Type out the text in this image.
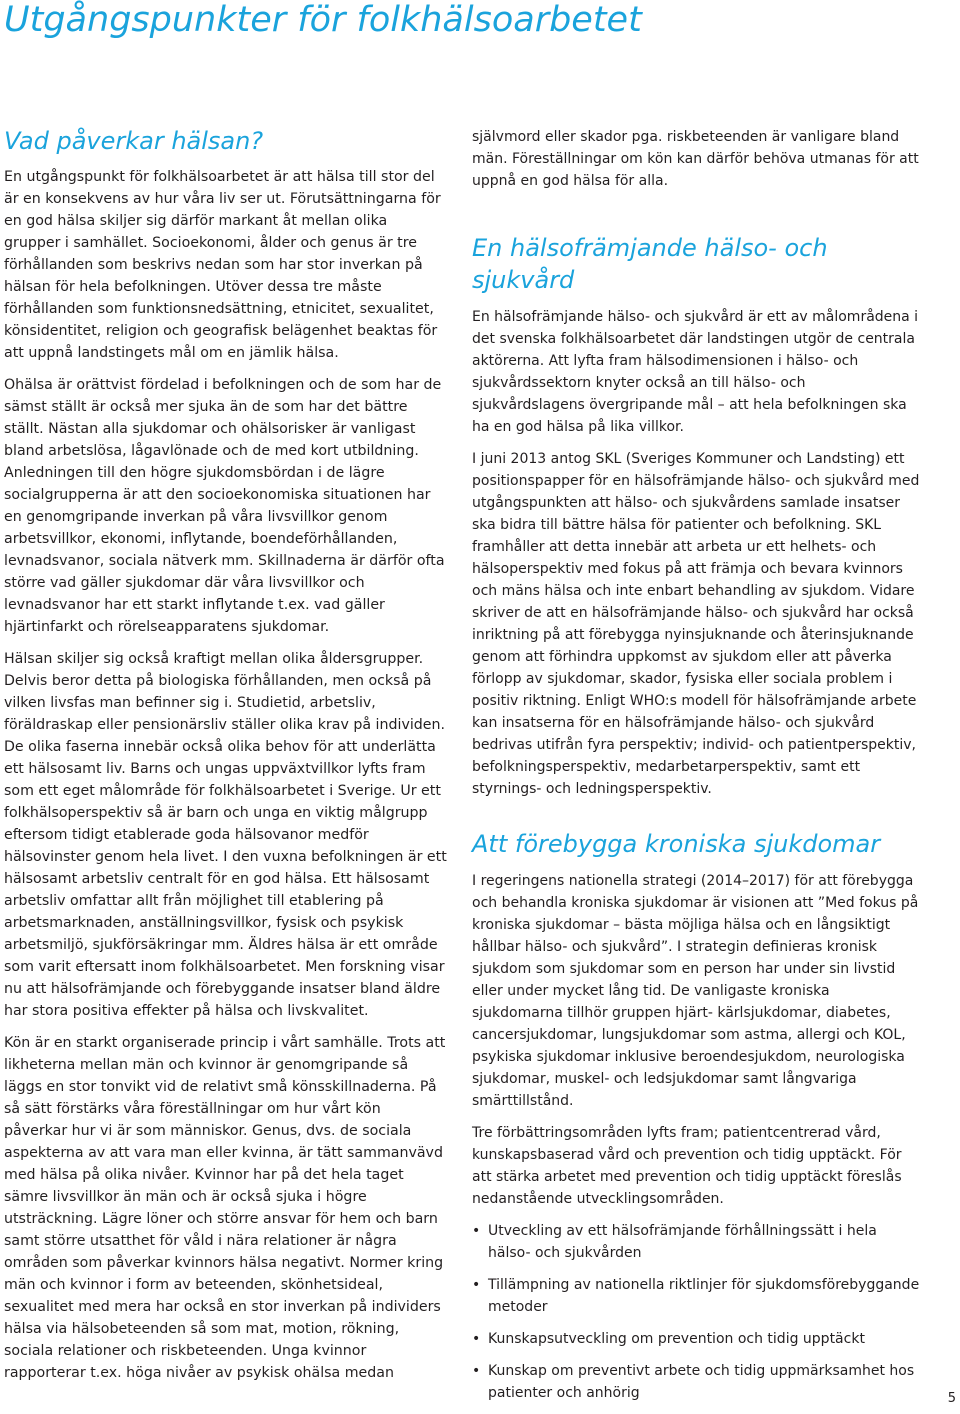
Utgångspunkter för folkhälsoarbetet
Vad påverkar hälsan?

En utgångspunkt för folkhälsoarbetet är att hälsa till stor del är en konsekvens av hur våra liv ser ut. Förutsättningarna för en god hälsa skiljer sig därför markant åt mellan olika grupper i samhället. Socioekonomi, ålder och genus är tre förhållanden som beskrivs nedan som har stor inverkan på hälsan för hela befolkningen. Utöver dessa tre måste förhållanden som funktionsnedsättning, etnicitet, sexualitet, könsidentitet, religion och geografisk belägenhet beaktas för att uppnå landstingets mål om en jämlik hälsa.

Ohälsa är orättvist fördelad i befolkningen och de som har de sämst ställt är också mer sjuka än de som har det bättre ställt. Nästan alla sjukdomar och ohälsorisker är vanligast bland arbetslösa, lågavlönade och de med kort utbildning. Anledningen till den högre sjukdomsbördan i de lägre socialgrupperna är att den socioekonomiska situationen har en genomgripande inverkan på våra livsvillkor genom arbetsvillkor, ekonomi, inflytande, boendeförhållanden, levnadsvanor, sociala nätverk mm. Skillnaderna är därför ofta större vad gäller sjukdomar där våra livsvillkor och levnadsvanor har ett starkt inflytande t.ex. vad gäller hjärtinfarkt och rörelseapparatens sjukdomar.

Hälsan skiljer sig också kraftigt mellan olika åldersgrupper. Delvis beror detta på biologiska förhållanden, men också på vilken livsfas man befinner sig i. Studietid, arbetsliv, föräldraskap eller pensionärsliv ställer olika krav på individen. De olika faserna innebär också olika behov för att underlätta ett hälsosamt liv. Barns och ungas uppväxtvillkor lyfts fram som ett eget målområde för folkhälsoarbetet i Sverige. Ur ett folkhälsoperspektiv så är barn och unga en viktig målgrupp eftersom tidigt etablerade goda hälsovanor medför hälsovinster genom hela livet. I den vuxna befolkningen är ett hälsosamt arbetsliv centralt för en god hälsa. Ett hälsosamt arbetsliv omfattar allt från möjlighet till etablering på arbetsmarknaden, anställningsvillkor, fysisk och psykisk arbetsmiljö, sjukförsäkringar mm. Äldres hälsa är ett område som varit eftersatt inom folkhälsoarbetet. Men forskning visar nu att hälsofrämjande och förebyggande insatser bland äldre har stora positiva effekter på hälsa och livskvalitet.

Kön är en starkt organiserade princip i vårt samhälle. Trots att likheterna mellan män och kvinnor är genomgripande så läggs en stor tonvikt vid de relativt små könsskillnaderna. På så sätt förstärks våra föreställningar om hur vårt kön påverkar hur vi är som människor. Genus, dvs. de sociala aspekterna av att vara man eller kvinna, är tätt sammanvävd med hälsa på olika nivåer. Kvinnor har på det hela taget sämre livsvillkor än män och är också sjuka i högre utsträckning. Lägre löner och större ansvar för hem och barn samt större utsatthet för våld i nära relationer är några områden som påverkar kvinnors hälsa negativt. Normer kring män och kvinnor i form av beteenden, skönhetsideal, sexualitet med mera har också en stor inverkan på individers hälsa via hälsobeteenden så som mat, motion, rökning, sociala relationer och riskbeteenden. Unga kvinnor rapporterar t.ex. höga nivåer av psykisk ohälsa medan

självmord eller skador pga. riskbeteenden är vanligare bland män. Föreställningar om kön kan därför behöva utmanas för att uppnå en god hälsa för alla.

En hälsofrämjande hälso- och sjukvård

En hälsofrämjande hälso- och sjukvård är ett av målområdena i det svenska folkhälsoarbetet där landstingen utgör de centrala aktörerna. Att lyfta fram hälsodimensionen i hälso- och sjukvårdssektorn knyter också an till hälso- och sjukvårdslagens övergripande mål – att hela befolkningen ska ha en god hälsa på lika villkor.

I juni 2013 antog SKL (Sveriges Kommuner och Landsting) ett positionspapper för en hälsofrämjande hälso- och sjukvård med utgångspunkten att hälso- och sjukvårdens samlade insatser ska bidra till bättre hälsa för patienter och befolkning. SKL framhåller att detta innebär att arbeta ur ett helhets- och hälsoperspektiv med fokus på att främja och bevara kvinnors och mäns hälsa och inte enbart behandling av sjukdom. Vidare skriver de att en hälsofrämjande hälso- och sjukvård har också inriktning på att förebygga nyinsjuknande och återinsjuknande genom att förhindra uppkomst av sjukdom eller att påverka förlopp av sjukdomar, skador, fysiska eller sociala problem i positiv riktning. Enligt WHO:s modell för hälsofrämjande arbete kan insatserna för en hälsofrämjande hälso- och sjukvård bedrivas utifrån fyra perspektiv; individ- och patientperspektiv, befolkningsperspektiv, medarbetarperspektiv, samt ett styrnings- och ledningsperspektiv.

Att förebygga kroniska sjukdomar

I regeringens nationella strategi (2014–2017) för att förebygga och behandla kroniska sjukdomar är visionen att ”Med fokus på kroniska sjukdomar – bästa möjliga hälsa och en långsiktigt hållbar hälso- och sjukvård”. I strategin definieras kronisk sjukdom som sjukdomar som en person har under sin livstid eller under mycket lång tid. De vanligaste kroniska sjukdomarna tillhör gruppen hjärt- kärlsjukdomar, diabetes, cancersjukdomar, lungsjukdomar som astma, allergi och KOL, psykiska sjukdomar inklusive beroendesjukdom, neurologiska sjukdomar, muskel- och ledsjukdomar samt långvariga smärttillstånd.

Tre förbättringsområden lyfts fram; patientcentrerad vård, kunskapsbaserad vård och prevention och tidig upptäckt. För att stärka arbetet med prevention och tidig upptäckt föreslås nedanstående utvecklingsområden.

• Utveckling av ett hälsofrämjande förhållningssätt i hela hälso- och sjukvården
• Tillämpning av nationella riktlinjer för sjukdomsförebyggande metoder
• Kunskapsutveckling om prevention och tidig upptäckt
• Kunskap om preventivt arbete och tidig uppmärksamhet hos patienter och anhörig	5
